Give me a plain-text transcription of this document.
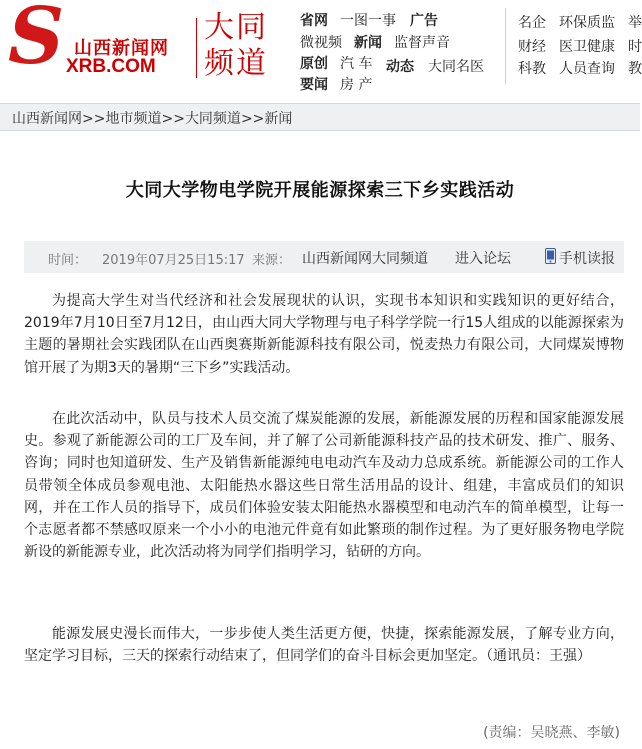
S 山西新闻网
XRB.COM
大同
频道
省网 一图一事 广告
微视频 新闻 监督声音
原创 汽 车 动态 大同名医
要闻 房 产
名企 环保质监 举
财经 医卫健康 时
科教 人员查询 教
山西新闻网>>地市频道>>大同频道>>新闻
大同大学物电学院开展能源探索三下乡实践活动
时间： 2019年07月25日15:17 来源： 山西新闻网大同频道 进入论坛	手机读报

为提高大学生对当代经济和社会发展现状的认识，实现书本知识和实践知识的更好结合，2019年7月10日至7月12日，由山西大同大学物理与电子科学学院一行15人组成的以能源探索为主题的暑期社会实践团队在山西奥赛斯新能源科技有限公司，悦麦热力有限公司，大同煤炭博物馆开展了为期3天的暑期“三下乡”实践活动。

在此次活动中，队员与技术人员交流了煤炭能源的发展，新能源发展的历程和国家能源发展史。参观了新能源公司的工厂及车间，并了解了公司新能源科技产品的技术研发、推广、服务、咨询；同时也知道研发、生产及销售新能源纯电电动汽车及动力总成系统。新能源公司的工作人员带领全体成员参观电池、太阳能热水器这些日常生活用品的设计、组建，丰富成员们的知识网，并在工作人员的指导下，成员们体验安装太阳能热水器模型和电动汽车的简单模型，让每一个志愿者都不禁感叹原来一个小小的电池元件竟有如此繁琐的制作过程。为了更好服务物电学院新设的新能源专业，此次活动将为同学们指明学习，钻研的方向。

能源发展史漫长而伟大，一步步使人类生活更方便，快捷，探索能源发展，了解专业方向，坚定学习目标，三天的探索行动结束了，但同学们的奋斗目标会更加坚定。（通讯员：王强）

(责编：吴晓燕、李敏)
